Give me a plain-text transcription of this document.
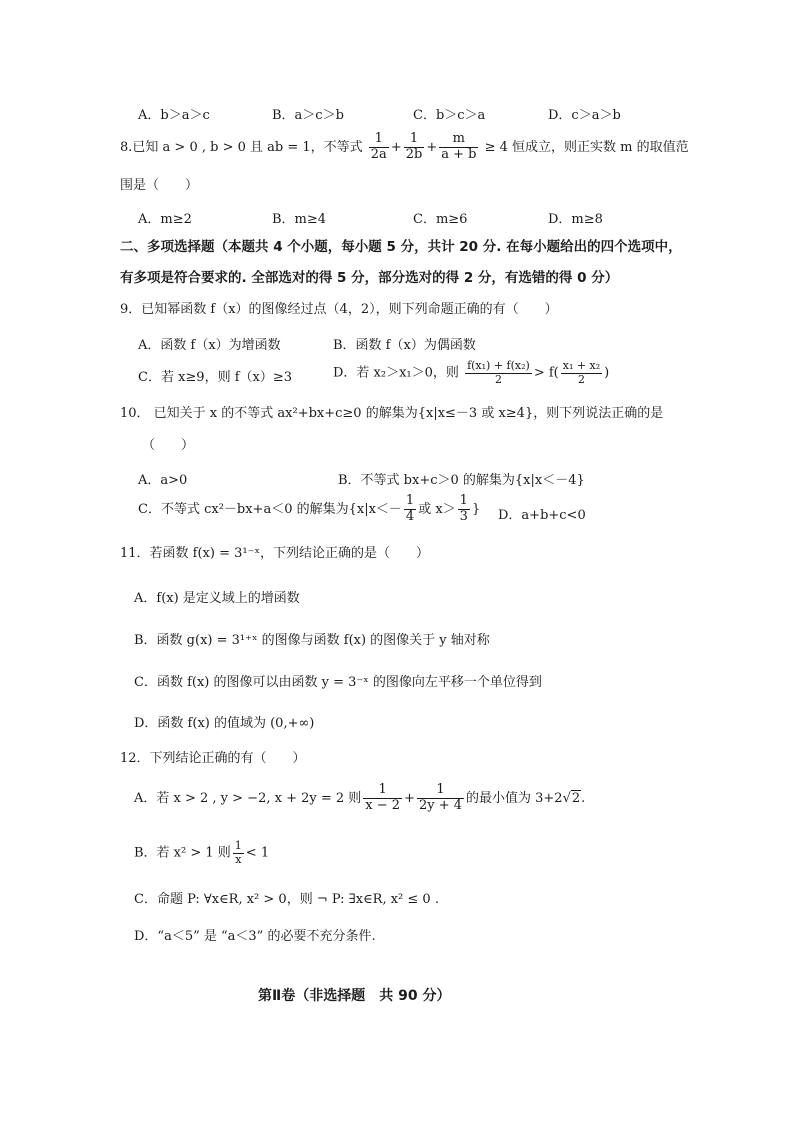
A．b＞a＞c	B．a＞c＞b	C．b＞c＞a	D．c＞a＞b
8.已知 a > 0 , b > 0 且 ab = 1，不等式 $\frac{1}{2a} + \frac{1}{2b} + \frac{m}{a + b} \ge 4$ 恒成立，则正实数 m 的取值范
围是（　　）
A．m≥2	B．m≥4	C．m≥6	D．m≥8
二、多项选择题（本题共 4 个小题，每小题 5 分，共计 20 分. 在每小题给出的四个选项中，
有多项是符合要求的. 全部选对的得 5 分，部分选对的得 2 分，有选错的得 0 分）
9．已知幂函数 f（x）的图像经过点（4，2），则下列命题正确的有（　　）
A．函数 f（x）为增函数	B．函数 f（x）为偶函数
C．若 x≥9，则 f（x）≥3	D．若 x₂＞x₁＞0，则 $\frac{\text{f(x₁) + f(x₂)}}{2} > f( \frac{\text{x₁ + x₂}}{2}$ )
10． 已知关于 x 的不等式 ax²+bx+c≥0 的解集为{x|x≤－3 或 x≥4}，则下列说法正确的是
（　　）
A．a>0	B．不等式 bx+c＞0 的解集为{x|x＜－4}
C．不等式 cx²－bx+a＜0 的解集为{$x|x<- \frac{1}{4}$ 或 $x> \frac{1}{3}$ } D．a+b+c<0
11．若函数 f(x) = 3¹⁻ˣ，下列结论正确的是（　　）
A．f(x) 是定义域上的增函数
B．函数 g(x) = 3¹⁺ˣ 的图像与函数 f(x) 的图像关于 y 轴对称
C．函数 f(x) 的图像可以由函数 y = 3⁻ˣ 的图像向左平移一个单位得到
D．函数 f(x) 的值域为 (0,+∞)
12．下列结论正确的有（　　）
A．若 x > 2 , y > −2, x + 2y = 2 则 $\frac{1}{x - 2} + \frac{1}{2y + 4}$ 的最小值为 3+2√2.
B．若 x² > 1 则 $\frac{1}{x} < 1$
C．命题 P: ∀x∈R, x² > 0，则 ¬ P: ∃x∈R, x² ≤ 0 .
D．“a＜5” 是 “a＜3” 的必要不充分条件.
第Ⅱ卷（非选择题　共 90 分）
